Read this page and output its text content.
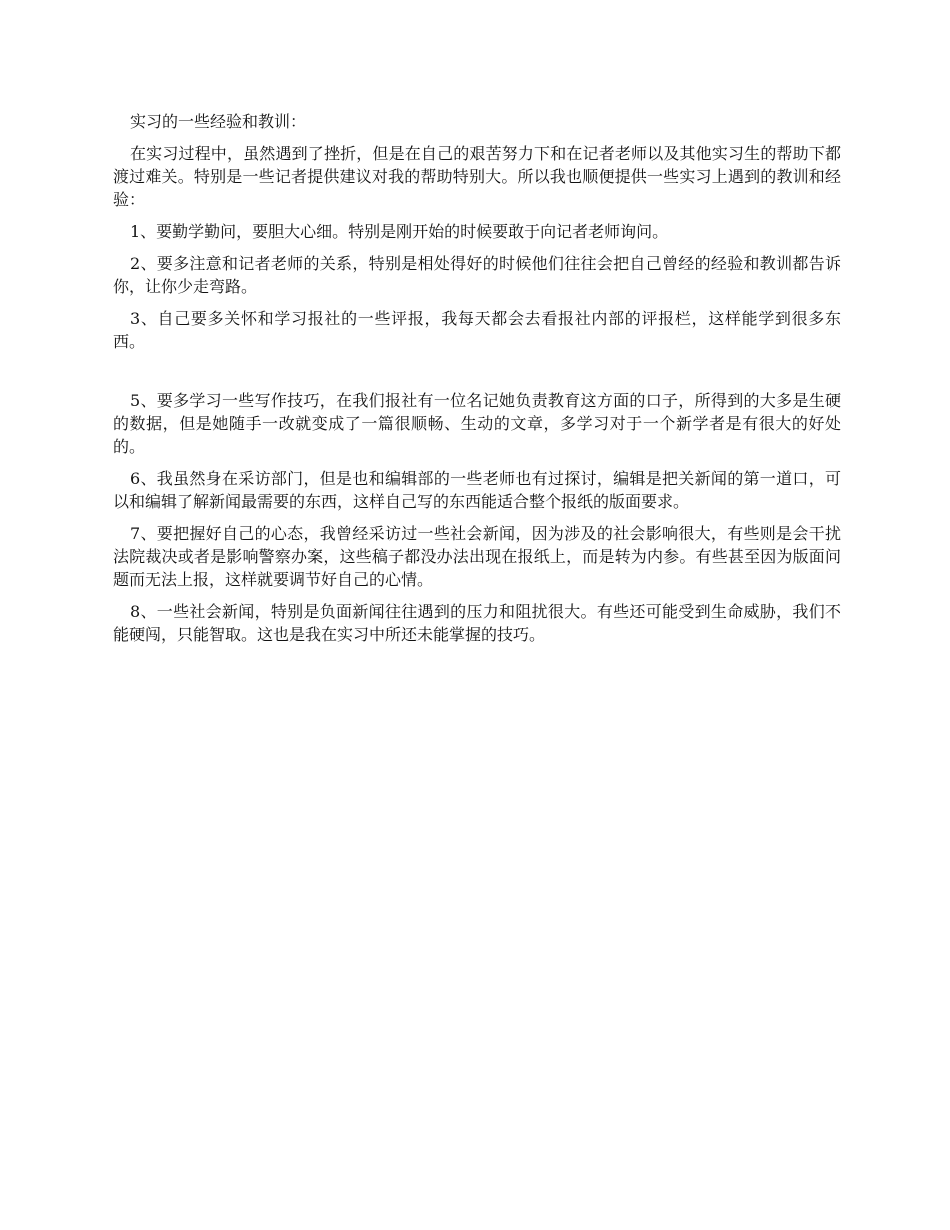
实习的一些经验和教训：

在实习过程中，虽然遇到了挫折，但是在自己的艰苦努力下和在记者老师以及其他实习生的帮助下都渡过难关。特别是一些记者提供建议对我的帮助特别大。所以我也顺便提供一些实习上遇到的教训和经验：

1、要勤学勤问，要胆大心细。特别是刚开始的时候要敢于向记者老师询问。

2、要多注意和记者老师的关系，特别是相处得好的时候他们往往会把自己曾经的经验和教训都告诉你，让你少走弯路。

3、自己要多关怀和学习报社的一些评报，我每天都会去看报社内部的评报栏，这样能学到很多东西。

5、要多学习一些写作技巧，在我们报社有一位名记她负责教育这方面的口子，所得到的大多是生硬的数据，但是她随手一改就变成了一篇很顺畅、生动的文章，多学习对于一个新学者是有很大的好处的。

6、我虽然身在采访部门，但是也和编辑部的一些老师也有过探讨，编辑是把关新闻的第一道口，可以和编辑了解新闻最需要的东西，这样自己写的东西能适合整个报纸的版面要求。

7、要把握好自己的心态，我曾经采访过一些社会新闻，因为涉及的社会影响很大，有些则是会干扰法院裁决或者是影响警察办案，这些稿子都没办法出现在报纸上，而是转为内参。有些甚至因为版面问题而无法上报，这样就要调节好自己的心情。

8、一些社会新闻，特别是负面新闻往往遇到的压力和阻扰很大。有些还可能受到生命威胁，我们不能硬闯，只能智取。这也是我在实习中所还未能掌握的技巧。
